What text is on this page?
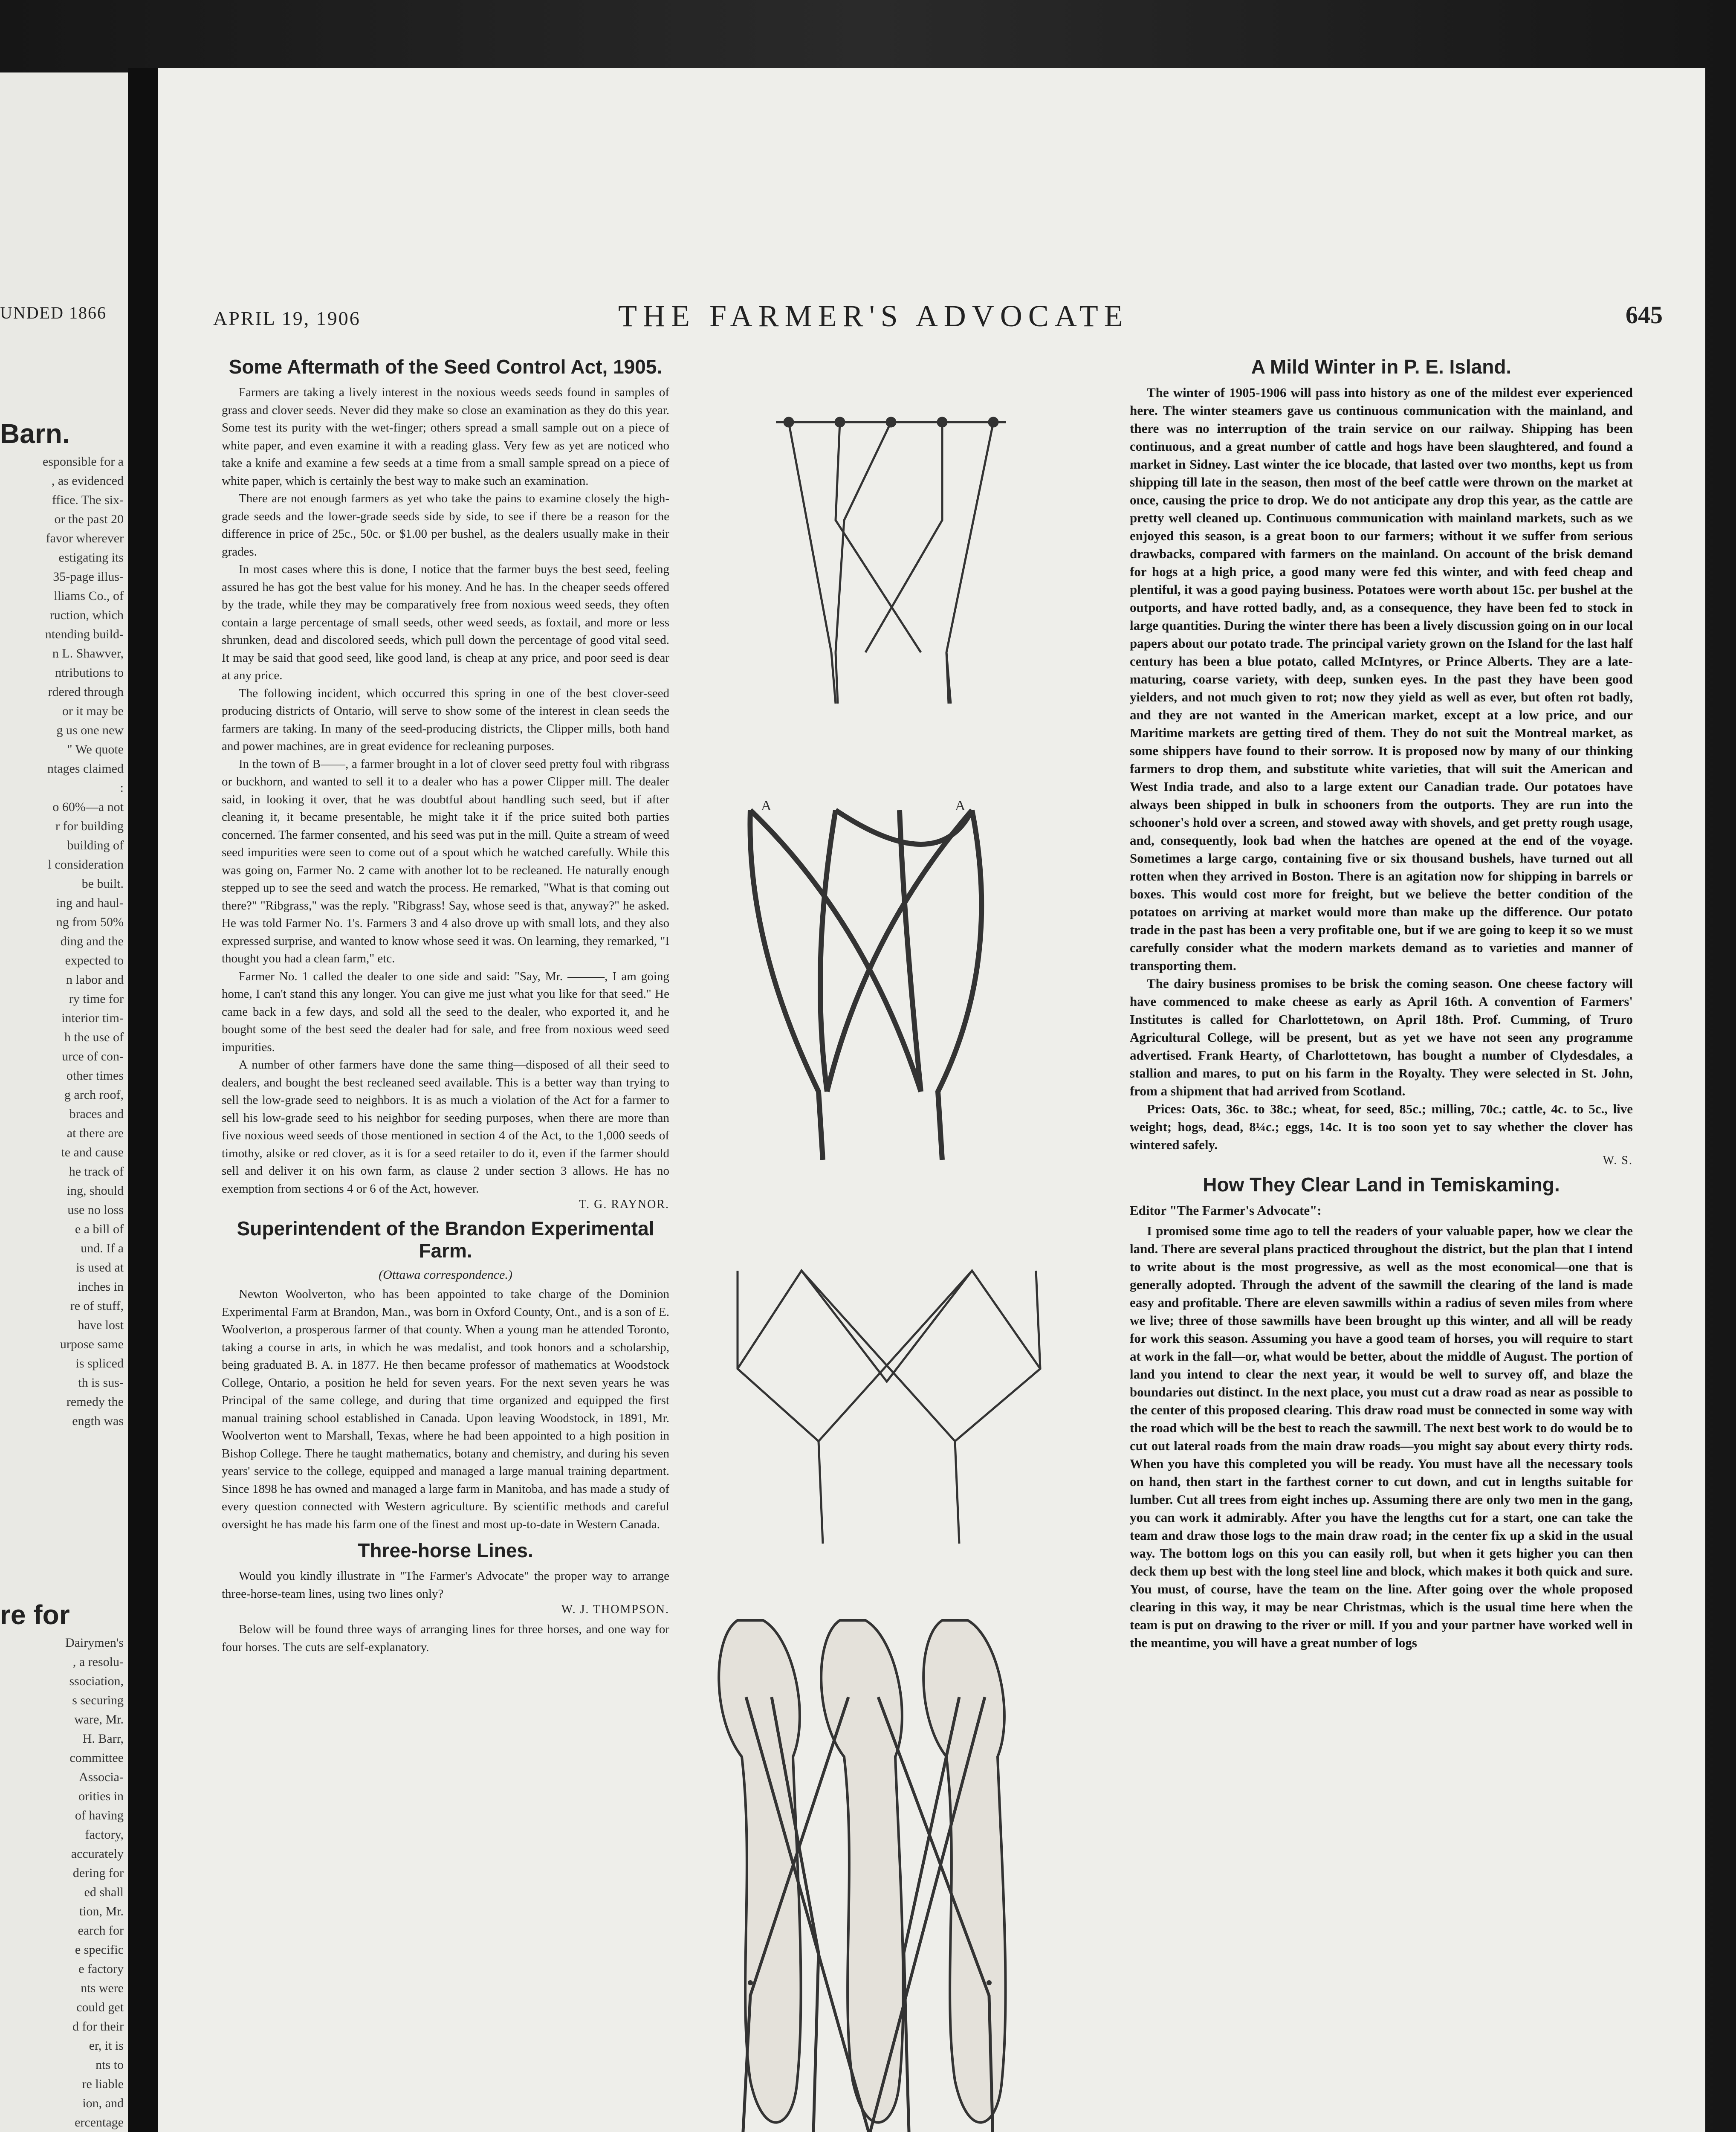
UNDED 1866
Barn.
esponsible for a
, as evidenced
ffice. The six-
or the past 20
favor wherever
estigating its
35-page illus-
lliams Co., of
ruction, which
ntending build-
n L. Shawver,
ntributions to
rdered through
or it may be
g us one new
" We quote
ntages claimed
:
o 60%—a not
r for building
building of
l consideration
be built.
ing and haul-
ng from 50%
ding and the
expected to
n labor and
ry time for
interior tim-
h the use of
urce of con-
other times
g arch roof,
braces and
at there are
te and cause
he track of
ing, should
use no loss
e a bill of
und. If a
is used at
inches in
re of stuff,
have lost
urpose same
is spliced
th is sus-
remedy the
ength was
re for
Dairymen's
, a resolu-
ssociation,
s securing
ware, Mr.
H. Barr,
committee
Associa-
orities in
of having
factory,
accurately
dering for
ed shall
tion, Mr.
earch for
e specific
e factory
nts were
could get
d for their
er, it is
nts to
re liable
ion, and
ercentage
APRIL 19, 1906	THE FARMER'S ADVOCATE	645
Some Aftermath of the Seed Control Act, 1905.

Farmers are taking a lively interest in the noxious weeds seeds found in samples of grass and clover seeds. Never did they make so close an examination as they do this year. Some test its purity with the wet-finger; others spread a small sample out on a piece of white paper, and even examine it with a reading glass. Very few as yet are noticed who take a knife and examine a few seeds at a time from a small sample spread on a piece of white paper, which is certainly the best way to make such an examination.

There are not enough farmers as yet who take the pains to examine closely the high-grade seeds and the lower-grade seeds side by side, to see if there be a reason for the difference in price of 25c., 50c. or $1.00 per bushel, as the dealers usually make in their grades.

In most cases where this is done, I notice that the farmer buys the best seed, feeling assured he has got the best value for his money. And he has. In the cheaper seeds offered by the trade, while they may be comparatively free from noxious weed seeds, they often contain a large percentage of small seeds, other weed seeds, as foxtail, and more or less shrunken, dead and discolored seeds, which pull down the percentage of good vital seed. It may be said that good seed, like good land, is cheap at any price, and poor seed is dear at any price.

The following incident, which occurred this spring in one of the best clover-seed producing districts of Ontario, will serve to show some of the interest in clean seeds the farmers are taking. In many of the seed-producing districts, the Clipper mills, both hand and power machines, are in great evidence for recleaning purposes.

In the town of B——, a farmer brought in a lot of clover seed pretty foul with ribgrass or buckhorn, and wanted to sell it to a dealer who has a power Clipper mill. The dealer said, in looking it over, that he was doubtful about handling such seed, but if after cleaning it, it became presentable, he might take it if the price suited both parties concerned. The farmer consented, and his seed was put in the mill. Quite a stream of weed seed impurities were seen to come out of a spout which he watched carefully. While this was going on, Farmer No. 2 came with another lot to be recleaned. He naturally enough stepped up to see the seed and watch the process. He remarked, "What is that coming out there?" "Ribgrass," was the reply. "Ribgrass! Say, whose seed is that, anyway?" he asked. He was told Farmer No. 1's. Farmers 3 and 4 also drove up with small lots, and they also expressed surprise, and wanted to know whose seed it was. On learning, they remarked, "I thought you had a clean farm," etc.

Farmer No. 1 called the dealer to one side and said: "Say, Mr. ———, I am going home, I can't stand this any longer. You can give me just what you like for that seed." He came back in a few days, and sold all the seed to the dealer, who exported it, and he bought some of the best seed the dealer had for sale, and free from noxious weed seed impurities.

A number of other farmers have done the same thing—disposed of all their seed to dealers, and bought the best recleaned seed available. This is a better way than trying to sell the low-grade seed to neighbors. It is as much a violation of the Act for a farmer to sell his low-grade seed to his neighbor for seeding purposes, when there are more than five noxious weed seeds of those mentioned in section 4 of the Act, to the 1,000 seeds of timothy, alsike or red clover, as it is for a seed retailer to do it, even if the farmer should sell and deliver it on his own farm, as clause 2 under section 3 allows. He has no exemption from sections 4 or 6 of the Act, however.

T. G. RAYNOR.
Superintendent of the Brandon Experimental Farm.
(Ottawa correspondence.)

Newton Woolverton, who has been appointed to take charge of the Dominion Experimental Farm at Brandon, Man., was born in Oxford County, Ont., and is a son of E. Woolverton, a prosperous farmer of that county. When a young man he attended Toronto, taking a course in arts, in which he was medalist, and took honors and a scholarship, being graduated B. A. in 1877. He then became professor of mathematics at Woodstock College, Ontario, a position he held for seven years. For the next seven years he was Principal of the same college, and during that time organized and equipped the first manual training school established in Canada. Upon leaving Woodstock, in 1891, Mr. Woolverton went to Marshall, Texas, where he had been appointed to a high position in Bishop College. There he taught mathematics, botany and chemistry, and during his seven years' service to the college, equipped and managed a large manual training department. Since 1898 he has owned and managed a large farm in Manitoba, and has made a study of every question connected with Western agriculture. By scientific methods and careful oversight he has made his farm one of the finest and most up-to-date in Western Canada.

Three-horse Lines.

Would you kindly illustrate in "The Farmer's Advocate" the proper way to arrange three-horse-team lines, using two lines only?

W. J. THOMPSON.

Below will be found three ways of arranging lines for three horses, and one way for four horses. The cuts are self-explanatory.

A	A
A Mild Winter in P. E. Island.

The winter of 1905-1906 will pass into history as one of the mildest ever experienced here. The winter steamers gave us continuous communication with the mainland, and there was no interruption of the train service on our railway. Shipping has been continuous, and a great number of cattle and hogs have been slaughtered, and found a market in Sidney. Last winter the ice blocade, that lasted over two months, kept us from shipping till late in the season, then most of the beef cattle were thrown on the market at once, causing the price to drop. We do not anticipate any drop this year, as the cattle are pretty well cleaned up. Continuous communication with mainland markets, such as we enjoyed this season, is a great boon to our farmers; without it we suffer from serious drawbacks, compared with farmers on the mainland. On account of the brisk demand for hogs at a high price, a good many were fed this winter, and with feed cheap and plentiful, it was a good paying business. Potatoes were worth about 15c. per bushel at the outports, and have rotted badly, and, as a consequence, they have been fed to stock in large quantities. During the winter there has been a lively discussion going on in our local papers about our potato trade. The principal variety grown on the Island for the last half century has been a blue potato, called McIntyres, or Prince Alberts. They are a late-maturing, coarse variety, with deep, sunken eyes. In the past they have been good yielders, and not much given to rot; now they yield as well as ever, but often rot badly, and they are not wanted in the American market, except at a low price, and our Maritime markets are getting tired of them. They do not suit the Montreal market, as some shippers have found to their sorrow. It is proposed now by many of our thinking farmers to drop them, and substitute white varieties, that will suit the American and West India trade, and also to a large extent our Canadian trade. Our potatoes have always been shipped in bulk in schooners from the outports. They are run into the schooner's hold over a screen, and stowed away with shovels, and get pretty rough usage, and, consequently, look bad when the hatches are opened at the end of the voyage. Sometimes a large cargo, containing five or six thousand bushels, have turned out all rotten when they arrived in Boston. There is an agitation now for shipping in barrels or boxes. This would cost more for freight, but we believe the better condition of the potatoes on arriving at market would more than make up the difference. Our potato trade in the past has been a very profitable one, but if we are going to keep it so we must carefully consider what the modern markets demand as to varieties and manner of transporting them.

The dairy business promises to be brisk the coming season. One cheese factory will have commenced to make cheese as early as April 16th. A convention of Farmers' Institutes is called for Charlottetown, on April 18th. Prof. Cumming, of Truro Agricultural College, will be present, but as yet we have not seen any programme advertised. Frank Hearty, of Charlottetown, has bought a number of Clydesdales, a stallion and mares, to put on his farm in the Royalty. They were selected in St. John, from a shipment that had arrived from Scotland.

Prices: Oats, 36c. to 38c.; wheat, for seed, 85c.; milling, 70c.; cattle, 4c. to 5c., live weight; hogs, dead, 8¼c.; eggs, 14c. It is too soon yet to say whether the clover has wintered safely.

W. S.
How They Clear Land in Temiskaming.

Editor "The Farmer's Advocate":

I promised some time ago to tell the readers of your valuable paper, how we clear the land. There are several plans practiced throughout the district, but the plan that I intend to write about is the most progressive, as well as the most economical—one that is generally adopted. Through the advent of the sawmill the clearing of the land is made easy and profitable. There are eleven sawmills within a radius of seven miles from where we live; three of those sawmills have been brought up this winter, and all will be ready for work this season. Assuming you have a good team of horses, you will require to start at work in the fall—or, what would be better, about the middle of August. The portion of land you intend to clear the next year, it would be well to survey off, and blaze the boundaries out distinct. In the next place, you must cut a draw road as near as possible to the center of this proposed clearing. This draw road must be connected in some way with the road which will be the best to reach the sawmill. The next best work to do would be to cut out lateral roads from the main draw roads—you might say about every thirty rods. When you have this completed you will be ready. You must have all the necessary tools on hand, then start in the farthest corner to cut down, and cut in lengths suitable for lumber. Cut all trees from eight inches up. Assuming there are only two men in the gang, you can work it admirably. After you have the lengths cut for a start, one can take the team and draw those logs to the main draw road; in the center fix up a skid in the usual way. The bottom logs on this you can easily roll, but when it gets higher you can then deck them up best with the long steel line and block, which makes it both quick and sure. You must, of course, have the team on the line. After going over the whole proposed clearing in this way, it may be near Christmas, which is the usual time here when the team is put on drawing to the river or mill. If you and your partner have worked well in the meantime, you will have a great number of logs
